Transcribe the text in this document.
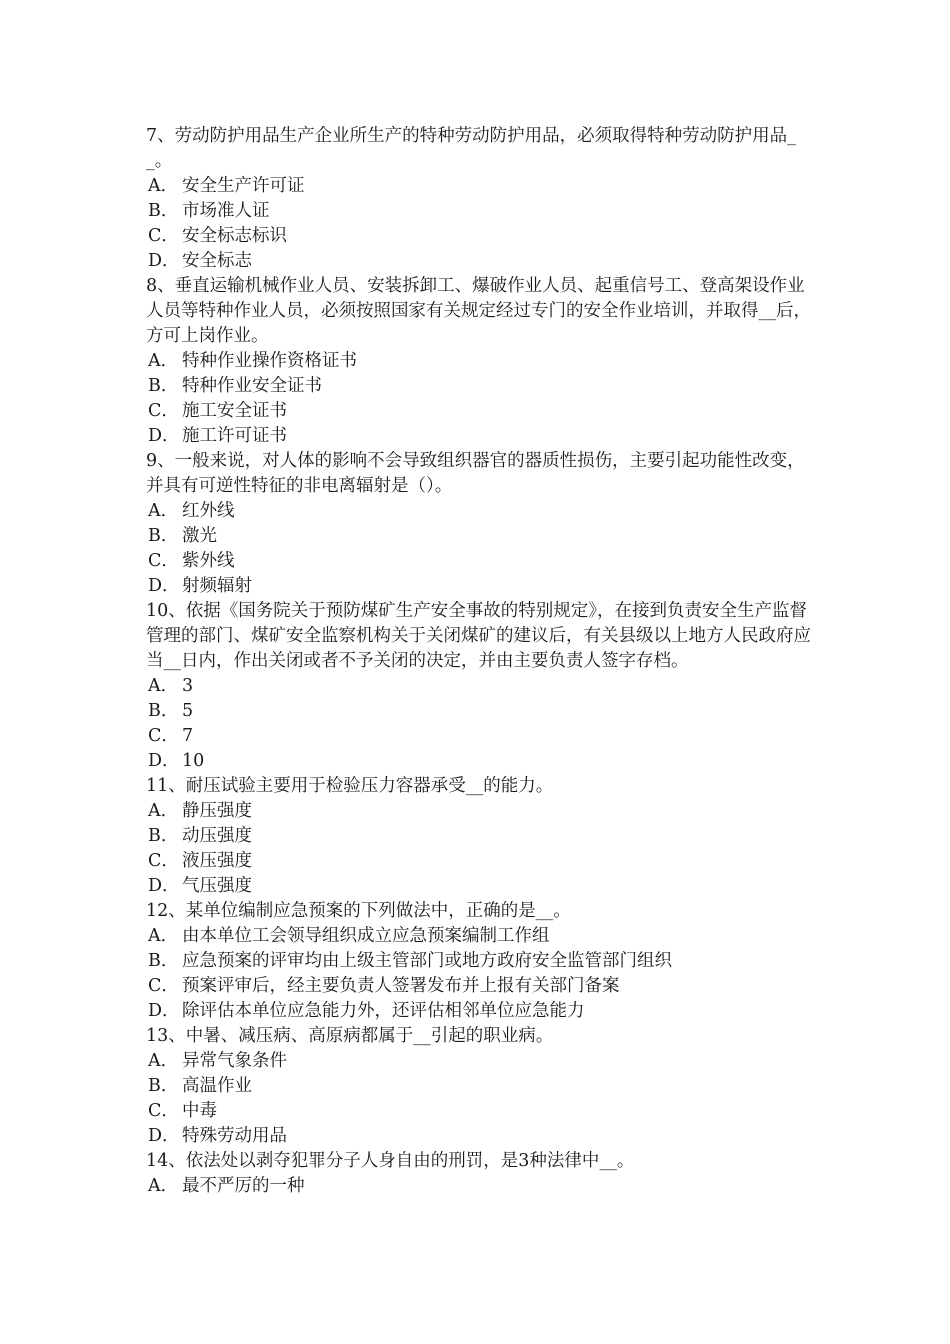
7、劳动防护用品生产企业所生产的特种劳动防护用品，必须取得特种劳动防护用品__。

A． 安全生产许可证

B． 市场准人证

C． 安全标志标识

D． 安全标志

8、垂直运输机械作业人员、安装拆卸工、爆破作业人员、起重信号工、登高架设作业人员等特种作业人员，必须按照国家有关规定经过专门的安全作业培训，并取得__后，方可上岗作业。

A． 特种作业操作资格证书

B． 特种作业安全证书

C． 施工安全证书

D． 施工许可证书

9、一般来说，对人体的影响不会导致组织器官的器质性损伤，主要引起功能性改变，并具有可逆性特征的非电离辐射是（）。

A． 红外线

B． 激光

C． 紫外线

D． 射频辐射

10、依据《国务院关于预防煤矿生产安全事故的特别规定》，在接到负责安全生产监督管理的部门、煤矿安全监察机构关于关闭煤矿的建议后，有关县级以上地方人民政府应当__日内，作出关闭或者不予关闭的决定，并由主要负责人签字存档。

A． 3

B． 5

C． 7

D． 10

11、耐压试验主要用于检验压力容器承受__的能力。

A． 静压强度

B． 动压强度

C． 液压强度

D． 气压强度

12、某单位编制应急预案的下列做法中，正确的是__。

A． 由本单位工会领导组织成立应急预案编制工作组

B． 应急预案的评审均由上级主管部门或地方政府安全监管部门组织

C． 预案评审后，经主要负责人签署发布并上报有关部门备案

D． 除评估本单位应急能力外，还评估相邻单位应急能力

13、中暑、减压病、高原病都属于__引起的职业病。

A． 异常气象条件

B． 高温作业

C． 中毒

D． 特殊劳动用品

14、依法处以剥夺犯罪分子人身自由的刑罚，是3种法律中__。

A． 最不严厉的一种
